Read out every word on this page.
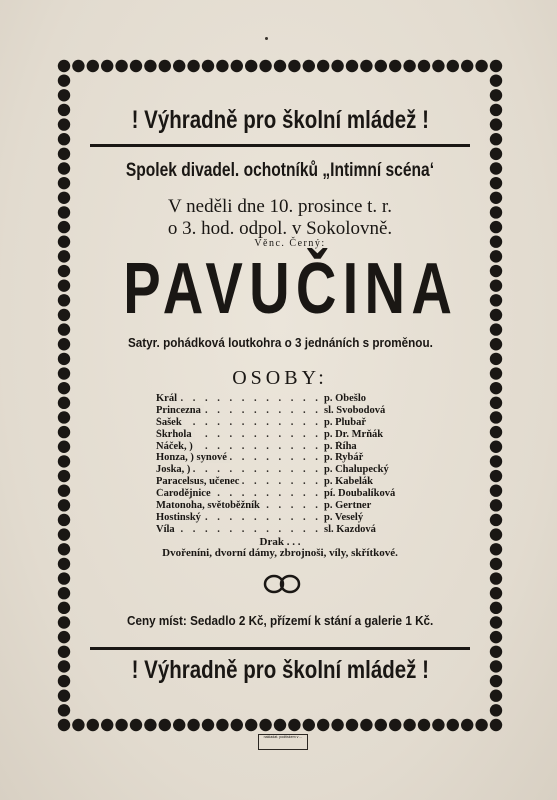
! Výhradně pro školní mládež !
Spolek divadel. ochotníků „Intimní scéna‘
V neděli dne 10. prosince t. r.
o 3. hod. odpol. v Sokolovně.
Věnc. Černý:
PAVUČINA
Satyr. pohádková loutkohra o 3 jednáních s proměnou.
OSOBY:
. . .
Král	p. Obešlo
. . .
Princezna	sl. Svobodová
. . .
Šašek	p. Plubař
. . .
Škrhola	p. Dr. Mrňák
. . .
Náček, )	p. Říha
. . .
Honza, ) synové	p. Rybář
. . .
Joska, )	p. Chalupecký
. . .
Paracelsus, učenec	p. Kabelák
. . .
Čarodějnice	pí. Doubalíková
. . .
Matonoha, světoběžník	p. Gertner
. . .
Hostinský	p. Veselý
. . .
Víla	sl. Kazdová
Drak . . .
Dvořenínі, dvorní dámy, zbrojnoši, víly, skřítkové.
Ceny míst: Sedadlo 2 Kč, přízemí k stání a galerie 1 Kč.
! Výhradně pro školní mládež !
nakladat. podtiskem v ...
